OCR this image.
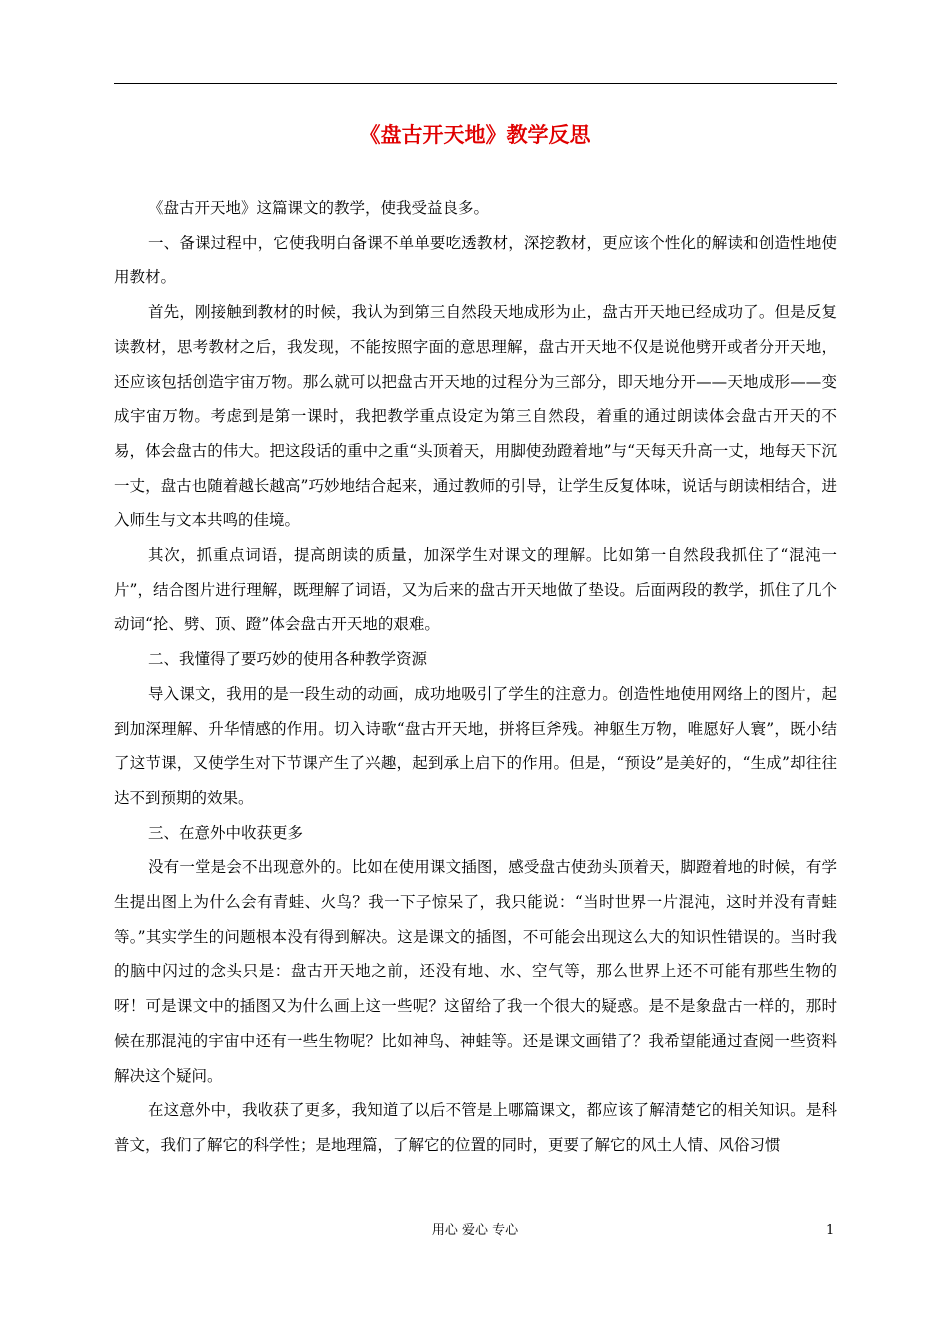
《盘古开天地》教学反思

《盘古开天地》这篇课文的教学，使我受益良多。

一、备课过程中，它使我明白备课不单单要吃透教材，深挖教材，更应该个性化的解读和创造性地使用教材。

首先，刚接触到教材的时候，我认为到第三自然段天地成形为止，盘古开天地已经成功了。但是反复读教材，思考教材之后，我发现，不能按照字面的意思理解，盘古开天地不仅是说他劈开或者分开天地，还应该包括创造宇宙万物。那么就可以把盘古开天地的过程分为三部分，即天地分开——天地成形——变成宇宙万物。考虑到是第一课时，我把教学重点设定为第三自然段，着重的通过朗读体会盘古开天的不易，体会盘古的伟大。把这段话的重中之重“头顶着天，用脚使劲蹬着地”与“天每天升高一丈，地每天下沉一丈，盘古也随着越长越高”巧妙地结合起来，通过教师的引导，让学生反复体味，说话与朗读相结合，进入师生与文本共鸣的佳境。

其次，抓重点词语，提高朗读的质量，加深学生对课文的理解。比如第一自然段我抓住了“混沌一片”，结合图片进行理解，既理解了词语，又为后来的盘古开天地做了垫设。后面两段的教学，抓住了几个动词“抡、劈、顶、蹬”体会盘古开天地的艰难。

二、我懂得了要巧妙的使用各种教学资源

导入课文，我用的是一段生动的动画，成功地吸引了学生的注意力。创造性地使用网络上的图片，起到加深理解、升华情感的作用。切入诗歌“盘古开天地，拼将巨斧残。神躯生万物，唯愿好人寰”，既小结了这节课，又使学生对下节课产生了兴趣，起到承上启下的作用。但是，“预设”是美好的，“生成”却往往达不到预期的效果。

三、在意外中收获更多

没有一堂是会不出现意外的。比如在使用课文插图，感受盘古使劲头顶着天，脚蹬着地的时候，有学生提出图上为什么会有青蛙、火鸟？我一下子惊呆了，我只能说：“当时世界一片混沌，这时并没有青蛙等。”其实学生的问题根本没有得到解决。这是课文的插图，不可能会出现这么大的知识性错误的。当时我的脑中闪过的念头只是：盘古开天地之前，还没有地、水、空气等，那么世界上还不可能有那些生物的呀！可是课文中的插图又为什么画上这一些呢？这留给了我一个很大的疑惑。是不是象盘古一样的，那时候在那混沌的宇宙中还有一些生物呢？比如神鸟、神蛙等。还是课文画错了？我希望能通过查阅一些资料解决这个疑问。

在这意外中，我收获了更多，我知道了以后不管是上哪篇课文，都应该了解清楚它的相关知识。是科普文，我们了解它的科学性；是地理篇，了解它的位置的同时，更要了解它的风土人情、风俗习惯

用心 爱心 专心	1
